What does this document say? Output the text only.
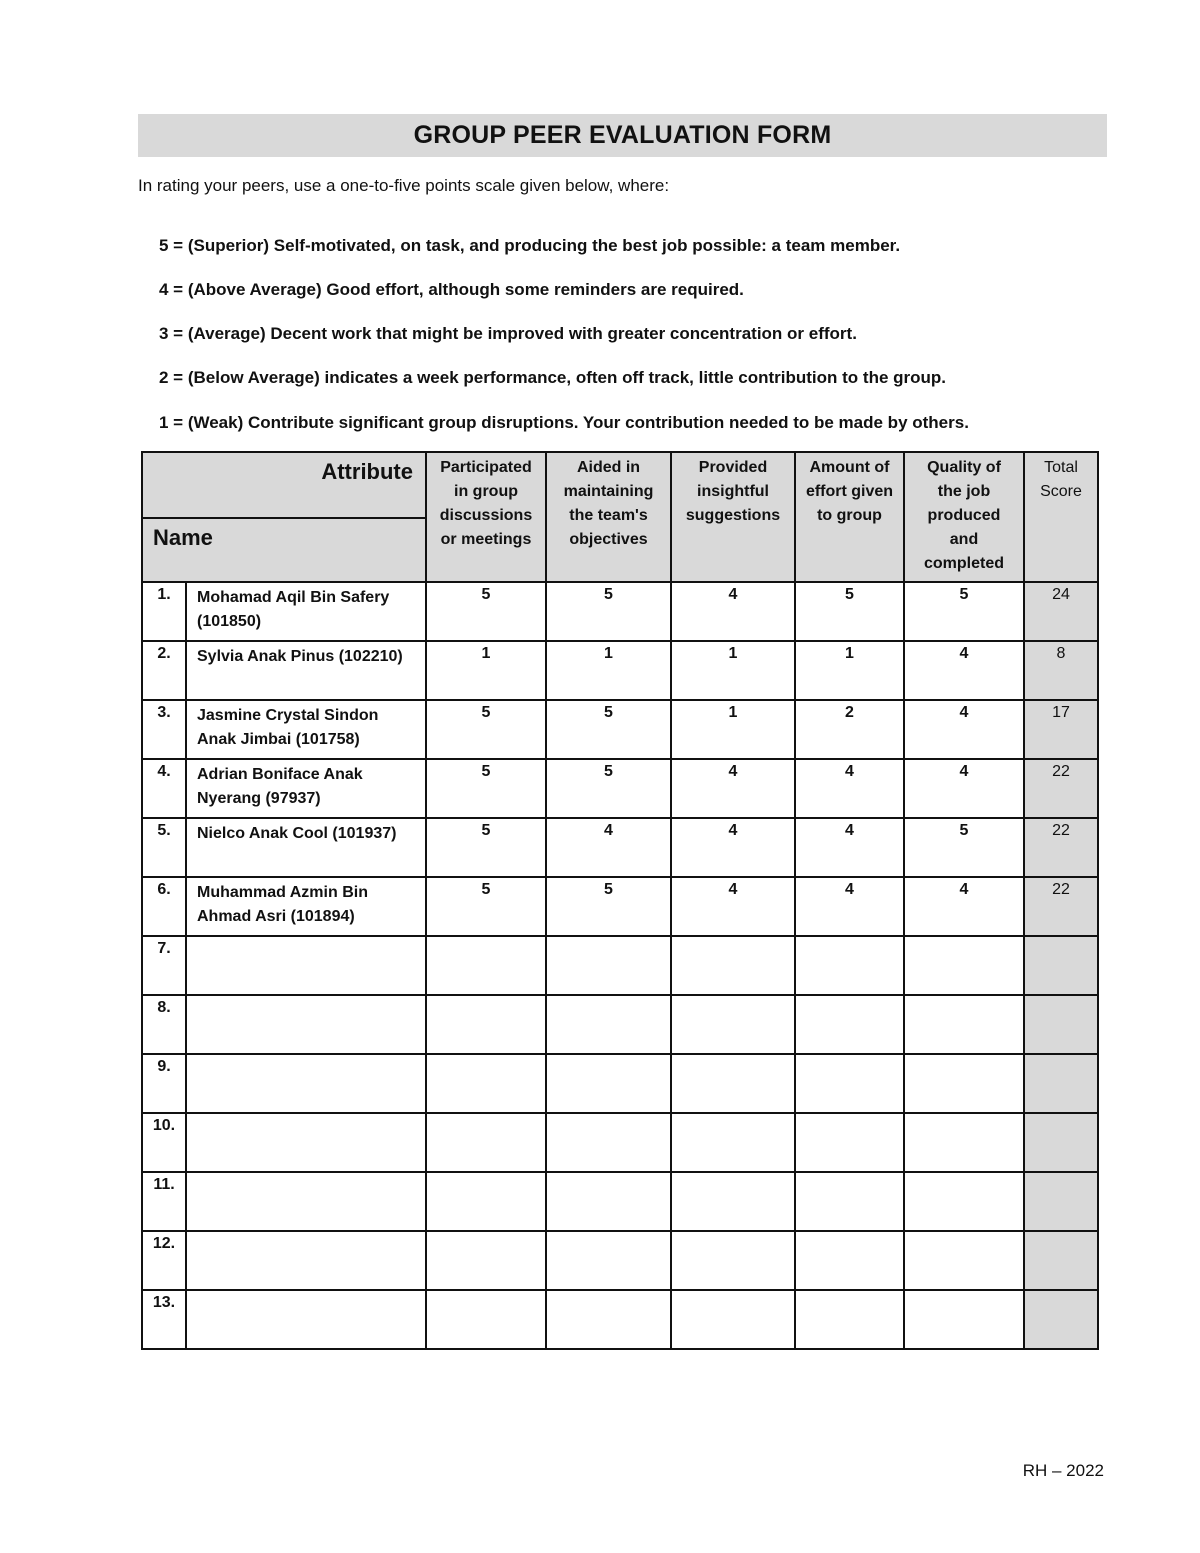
GROUP PEER EVALUATION FORM

In rating your peers, use a one-to-five points scale given below, where:

5 = (Superior) Self-motivated, on task, and producing the best job possible: a team member.

4 = (Above Average) Good effort, although some reminders are required.

3 = (Average) Decent work that might be improved with greater concentration or effort.

2 = (Below Average) indicates a week performance, often off track, little contribution to the group.

1 = (Weak) Contribute significant group disruptions. Your contribution needed to be made by others.

Attribute
Name		Participated in group discussions or meetings	Aided in maintaining the team's objectives	Provided insightful suggestions	Amount of effort given to group	Quality of the job produced and completed	Total Score
1.	Mohamad Aqil Bin Safery (101850)	5	5	4	5	5	24
2.	Sylvia Anak Pinus (102210)	1	1	1	1	4	8
3.	Jasmine Crystal Sindon Anak Jimbai (101758)	5	5	1	2	4	17
4.	Adrian Boniface Anak Nyerang (97937)	5	5	4	4	4	22
5.	Nielco Anak Cool (101937)	5	4	4	4	5	22
6.	Muhammad Azmin Bin Ahmad Asri (101894)	5	5	4	4	4	22
7.							
8.							
9.							
10.							
11.							
12.							
13.							

RH – 2022
